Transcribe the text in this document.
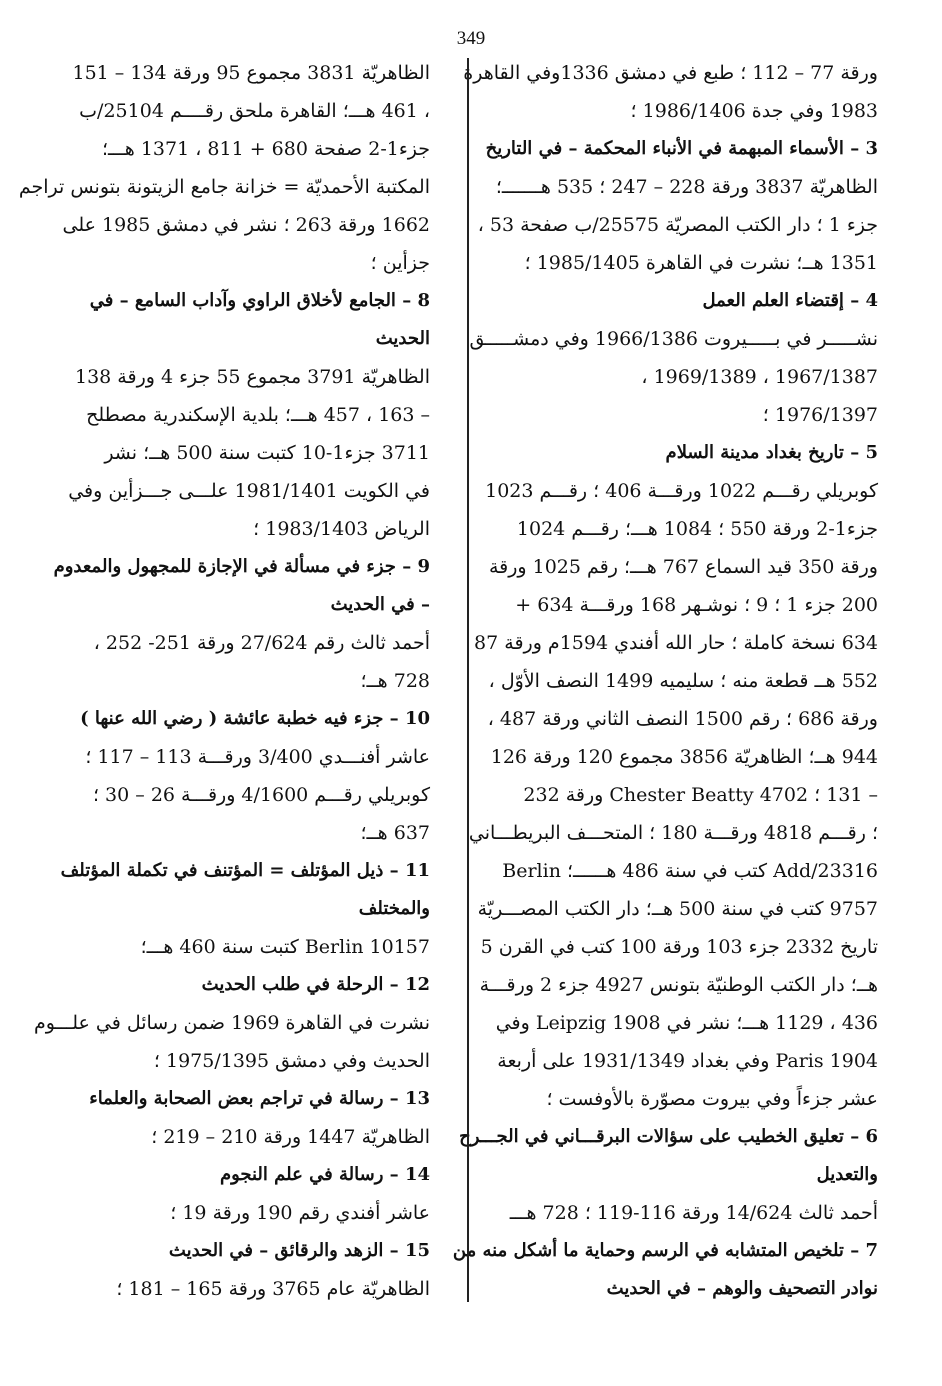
349
ورقة 77 – 112 ؛ طبع في دمشق 1336وفي القاهرة
1983 وفي جدة 1986/1406 ؛
3 – الأسماء المبهمة في الأنباء المحكمة – في التاريخ
الظاهريّة 3837 ورقة 228 – 247 ؛ 535 هـــــــ؛
جزء 1 ؛ دار الكتب المصريّة 25575/ب صفحة 53 ،
1351 هــ؛ نشرت في القاهرة 1985/1405 ؛
4 – إقتضاء العلم العمل
نشـــــر في بـــــيروت 1966/1386 وفي دمشـــــق
1967/1387 ، 1969/1389 ،
1976/1397 ؛
5 – تاريخ بغداد مدينة السلام
كوبريلي رقـــم 1022 ورقـــة 406 ؛ رقـــم 1023
جزء1-2 ورقة 550 ؛ 1084 هـــ؛ رقـــم 1024
ورقة 350 قيد السماع 767 هـــ؛ رقم 1025 ورقة
200 جزء 1 ؛ 9 ؛ نوشـهر 168 ورقـــة 634 +
634 نسخة كاملة ؛ حار الله أفندي 1594م ورقة 87
552 هــ قطعة منه ؛ سليميه 1499 النصف الأوّل ،
ورقة 686 ؛ رقم 1500 النصف الثاني ورقة 487 ،
944 هــ؛ الظاهريّة 3856 مجموع 120 ورقة 126
– 131 ؛ Chester Beatty 4702 ورقة 232
؛ رقـــم 4818 ورقـــة 180 ؛ المتحـــف البريطـــاني
Add/23316 كتب في سنة 486 هــــــ؛ Berlin
9757 كتب في سنة 500 هــ؛ دار الكتب المصـــريّة
تاريخ 2332 جزء 103 ورقة 100 كتب في القرن 5
هــ؛ دار الكتب الوطنيّة بتونس 4927 جزء 2 ورقـــة
436 ، 1129 هـــ؛ نشر في Leipzig 1908 وفي
Paris 1904 وفي بغداد 1931/1349 على أربعة
عشر جزءاً وفي بيروت مصوّرة بالأوفست ؛
6 – تعليق الخطيب على سؤالات البرقـــاني في الجـــرح
والتعديل
أحمد ثالث 14/624 ورقة 116-119 ؛ 728 هـــ
7 – تلخيص المتشابه في الرسم وحماية ما أشكل منه من
نوادر التصحيف والوهم – في الحديث
الظاهريّة 3831 مجموع 95 ورقة 134 – 151
، 461 هـــ؛ القاهرة ملحق رقــــم 25104/ب
جزء1-2 صفحة 680 + 811 ، 1371 هـــ؛
المكتبة الأحمديّة = خزانة جامع الزيتونة بتونس تراجم
1662 ورقة 263 ؛ نشر في دمشق 1985 على
جزأين ؛
8 – الجامع لأخلاق الراوي وآداب السامع – في
الحديث
الظاهريّة 3791 مجموع 55 جزء 4 ورقة 138
– 163 ، 457 هـــ؛ بلدية الإسكندرية مصطلح
3711 جزء1-10 كتبت سنة 500 هــ؛ نشر
في الكويت 1981/1401 علـــى جـــزأين وفي
الرياض 1983/1403 ؛
9 – جزء في مسألة في الإجازة للمجهول والمعدوم
– في الحديث
أحمد ثالث رقم 27/624 ورقة 251- 252 ،
728 هــ؛
10 – جزء فيه خطبة عائشة ( رضي الله عنها )
عاشر أفنـــدي 3/400 ورقـــة 113 – 117 ؛
كوبريلي رقـــم 4/1600 ورقـــة 26 – 30 ؛
637 هــ؛
11 – ذيل المؤتلف = المؤتنف في تكملة المؤتلف
والمختلف
Berlin 10157 كتبت سنة 460 هـــ؛
12 – الرحلة في طلب الحديث
نشرت في القاهرة 1969 ضمن رسائل في علـــوم
الحديث وفي دمشق 1975/1395 ؛
13 – رسالة في تراجم بعض الصحابة والعلماء
الظاهريّة 1447 ورقة 210 – 219 ؛
14 – رسالة في علم النجوم
عاشر أفندي رقم 190 ورقة 19 ؛
15 – الزهد والرقائق – في الحديث
الظاهريّة عام 3765 ورقة 165 – 181 ؛
